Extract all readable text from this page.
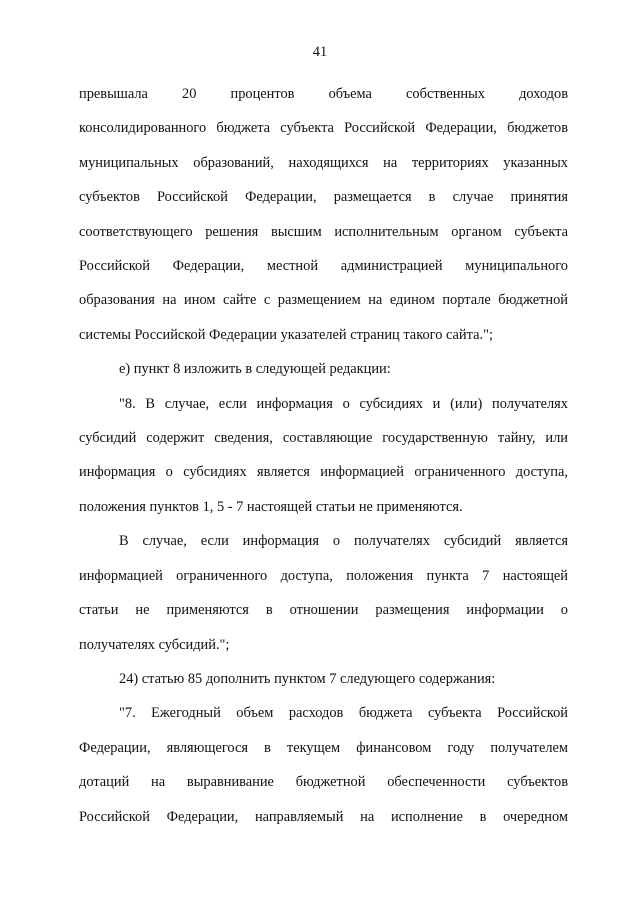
41

превышала 20 процентов объема собственных доходов

консолидированного бюджета субъекта Российской Федерации, бюджетов

муниципальных образований, находящихся на территориях указанных

субъектов Российской Федерации, размещается в случае принятия

соответствующего решения высшим исполнительным органом субъекта

Российской Федерации, местной администрацией муниципального

образования на ином сайте с размещением на едином портале бюджетной

системы Российской Федерации указателей страниц такого сайта.";

е) пункт 8 изложить в следующей редакции:

"8. В случае, если информация о субсидиях и (или) получателях

субсидий содержит сведения, составляющие государственную тайну, или

информация о субсидиях является информацией ограниченного доступа,

положения пунктов 1, 5 - 7 настоящей статьи не применяются.

В случае, если информация о получателях субсидий является

информацией ограниченного доступа, положения пункта 7 настоящей

статьи не применяются в отношении размещения информации о

получателях субсидий.";

24) статью 85 дополнить пунктом 7 следующего содержания:

"7. Ежегодный объем расходов бюджета субъекта Российской

Федерации, являющегося в текущем финансовом году получателем

дотаций на выравнивание бюджетной обеспеченности субъектов

Российской Федерации, направляемый на исполнение в очередном
